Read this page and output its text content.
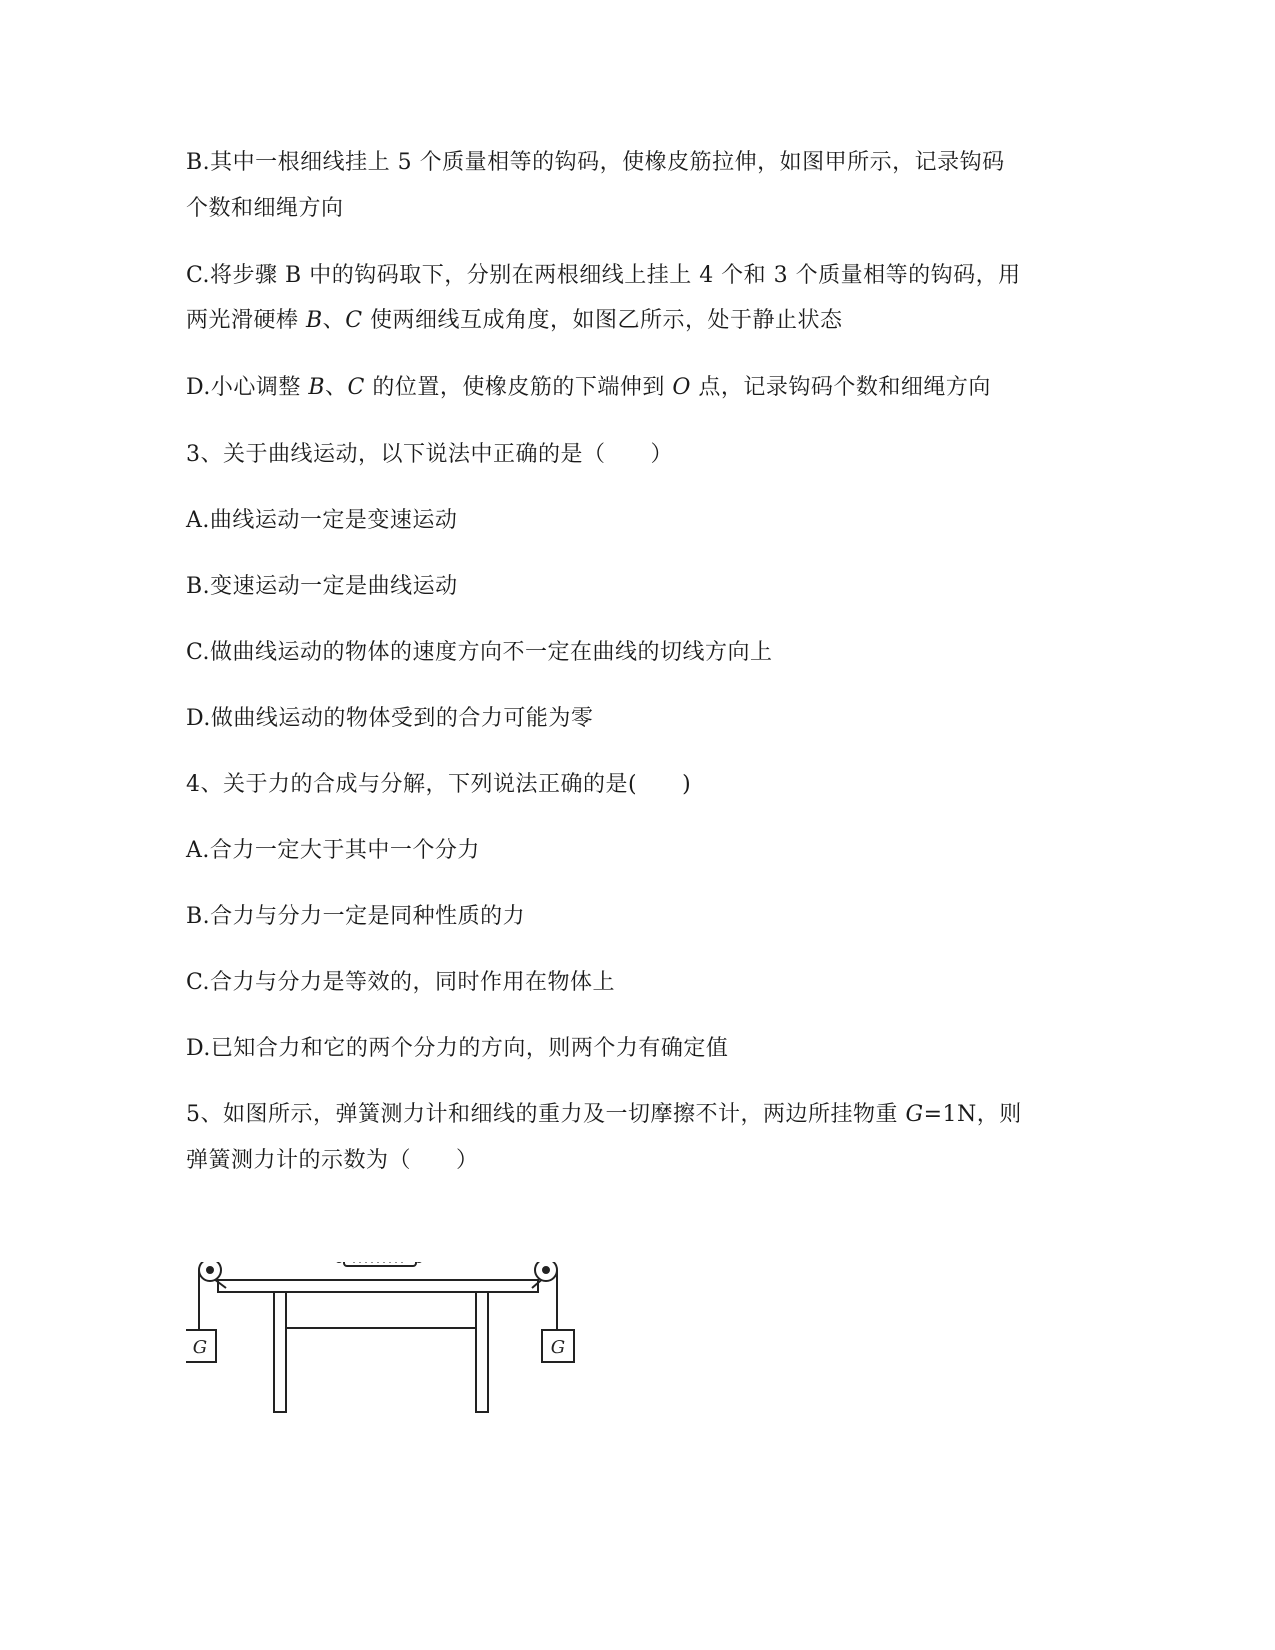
B.其中一根细线挂上 5 个质量相等的钩码，使橡皮筋拉伸，如图甲所示，记录钩码
个数和细绳方向
C.将步骤 B 中的钩码取下，分别在两根细线上挂上 4 个和 3 个质量相等的钩码，用
两光滑硬棒 B、C 使两细线互成角度，如图乙所示，处于静止状态
D.小心调整 B、C 的位置，使橡皮筋的下端伸到 O 点，记录钩码个数和细绳方向
3、关于曲线运动，以下说法中正确的是（　　）
A.曲线运动一定是变速运动
B.变速运动一定是曲线运动
C.做曲线运动的物体的速度方向不一定在曲线的切线方向上
D.做曲线运动的物体受到的合力可能为零
4、关于力的合成与分解，下列说法正确的是(　　)
A.合力一定大于其中一个分力
B.合力与分力一定是同种性质的力
C.合力与分力是等效的，同时作用在物体上
D.已知合力和它的两个分力的方向，则两个力有确定值
5、如图所示，弹簧测力计和细线的重力及一切摩擦不计，两边所挂物重 G=1N，则
弹簧测力计的示数为（　　）
G	G
